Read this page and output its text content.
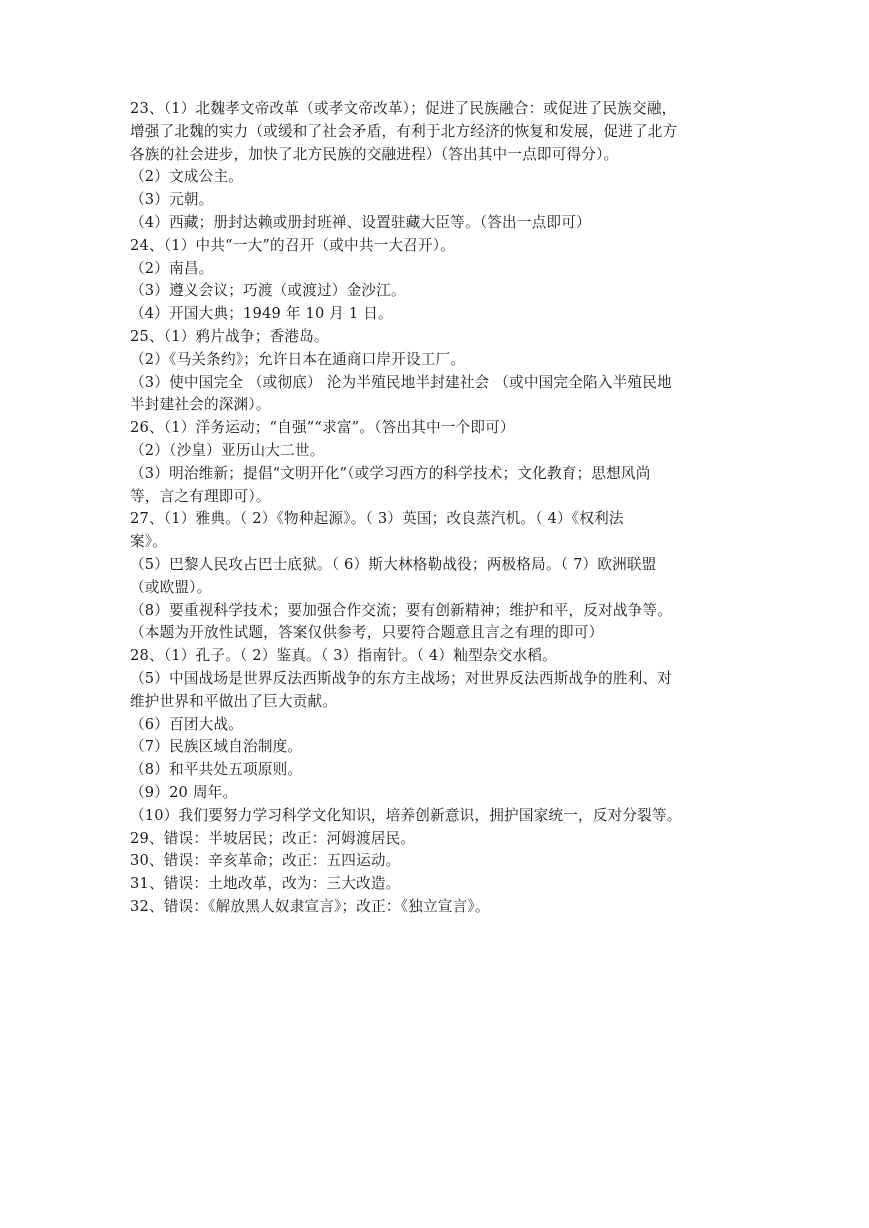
23、（1）北魏孝文帝改革（或孝文帝改革）；促进了民族融合：或促进了民族交融，
增强了北魏的实力（或缓和了社会矛盾，有利于北方经济的恢复和发展，促进了北方
各族的社会进步，加快了北方民族的交融进程）（答出其中一点即可得分）。
（2）文成公主。
（3）元朝。
（4）西藏；册封达赖或册封班禅、设置驻藏大臣等。（答出一点即可）
24、（1）中共“一大”的召开（或中共一大召开）。
（2）南昌。
（3）遵义会议；巧渡（或渡过）金沙江。
（4）开国大典；1949 年 10 月 1 日。
25、（1）鸦片战争；香港岛。
（2）《马关条约》；允许日本在通商口岸开设工厂。
（3）使中国完全 （或彻底） 沦为半殖民地半封建社会 （或中国完全陷入半殖民地
半封建社会的深渊）。
26、（1）洋务运动；“自强”“求富”。（答出其中一个即可）
（2）（沙皇）亚历山大二世。
（3）明治维新；提倡“文明开化”（或学习西方的科学技术；文化教育；思想风尚
等，言之有理即可）。
27、（1）雅典。（ 2）《物种起源》。（ 3）英国；改良蒸汽机。（ 4）《权利法
案》。
（5）巴黎人民攻占巴士底狱。（ 6）斯大林格勒战役；两极格局。（ 7）欧洲联盟
（或欧盟）。
（8）要重视科学技术；要加强合作交流；要有创新精神；维护和平，反对战争等。
（本题为开放性试题，答案仅供参考，只要符合题意且言之有理的即可）
28、（1）孔子。（ 2）鉴真。（ 3）指南针。（ 4）籼型杂交水稻。
（5）中国战场是世界反法西斯战争的东方主战场；对世界反法西斯战争的胜利、对
维护世界和平做出了巨大贡献。
（6）百团大战。
（7）民族区域自治制度。
（8）和平共处五项原则。
（9）20 周年。
（10）我们要努力学习科学文化知识，培养创新意识，拥护国家统一，反对分裂等。
29、错误：半坡居民；改正：河姆渡居民。
30、错误：辛亥革命；改正：五四运动。
31、错误：土地改革，改为：三大改造。
32、错误：《解放黑人奴隶宣言》；改正：《独立宣言》。
